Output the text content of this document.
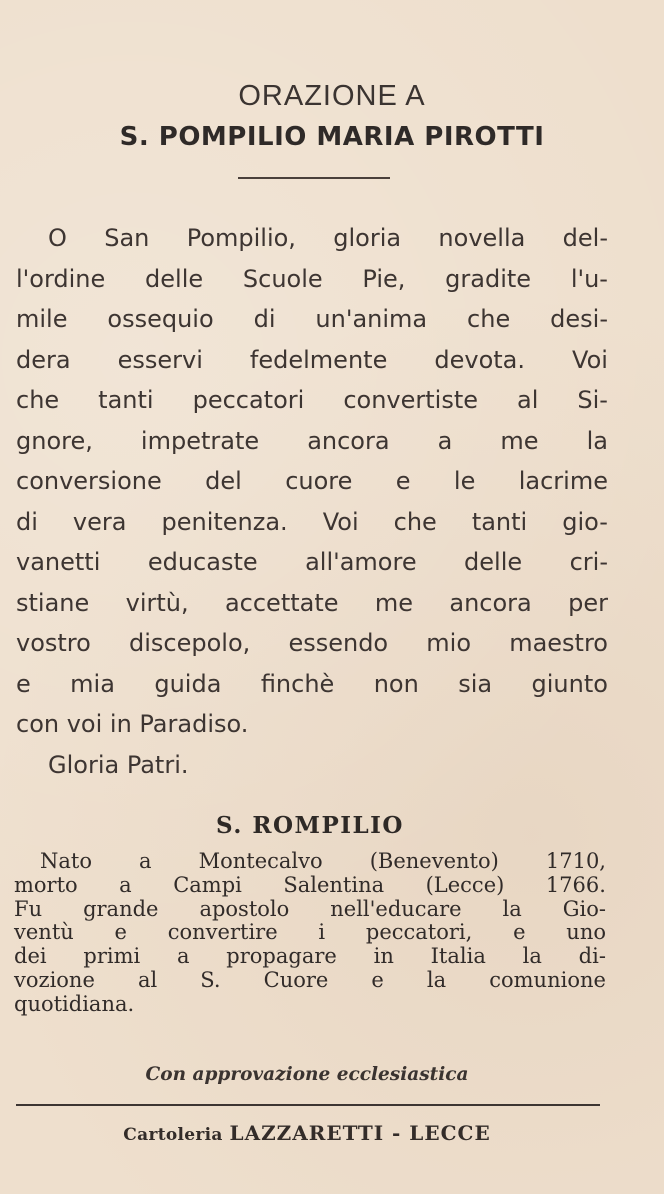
ORAZIONE A
S. POMPILIO MARIA PIROTTI
O San Pompilio, gloria novella del-
l'ordine delle Scuole Pie, gradite l'u-
mile ossequio di un'anima che desi-
dera esservi fedelmente devota. Voi
che tanti peccatori convertiste al Si-
gnore, impetrate ancora a me la
conversione del cuore e le lacrime
di vera penitenza. Voi che tanti gio-
vanetti educaste all'amore delle cri-
stiane virtù, accettate me ancora per
vostro discepolo, essendo mio maestro
e mia guida finchè non sia giunto
con voi in Paradiso.
Gloria Patri.
S. ROMPILIO
Nato a Montecalvo (Benevento) 1710,
morto a Campi Salentina (Lecce) 1766.
Fu grande apostolo nell'educare la Gio-
ventù e convertire i peccatori, e uno
dei primi a propagare in Italia la di-
vozione al S. Cuore e la comunione
quotidiana.
Con approvazione ecclesiastica
Cartoleria LAZZARETTI - LECCE
